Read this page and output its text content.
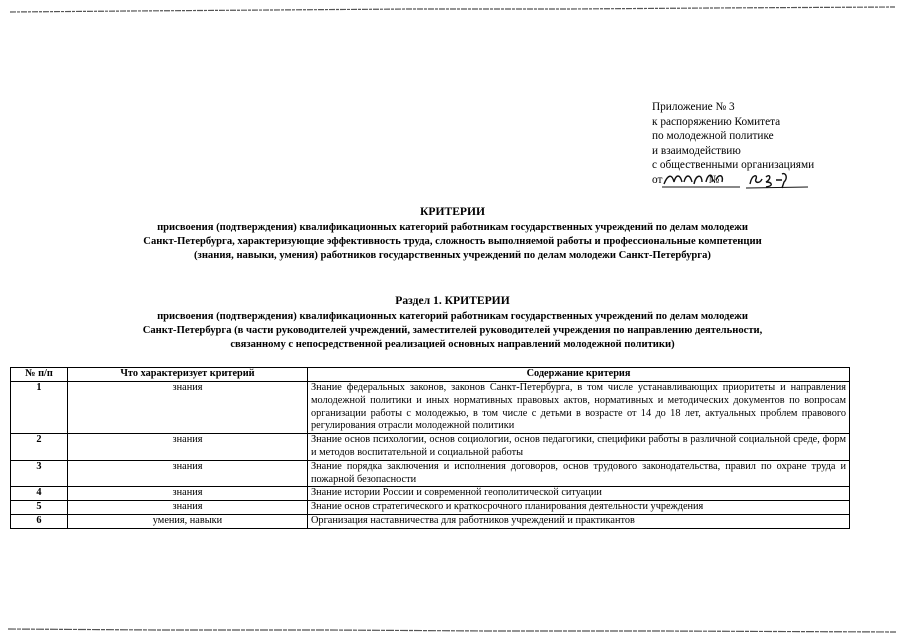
Приложение № 3
к распоряжению Комитета
по молодежной политике
и взаимодействию
с общественными организациями
от	№
КРИТЕРИИ
присвоения (подтверждения) квалификационных категорий работникам государственных учреждений по делам молодежи
Санкт-Петербурга, характеризующие эффективность труда, сложность выполняемой работы и профессиональные компетенции
(знания, навыки, умения) работников государственных учреждений по делам молодежи Санкт-Петербурга)
Раздел 1. КРИТЕРИИ
присвоения (подтверждения) квалификационных категорий работникам государственных учреждений по делам молодежи
Санкт-Петербурга (в части руководителей учреждений, заместителей руководителей учреждения по направлению деятельности,
связанному с непосредственной реализацией основных направлений молодежной политики)
№ п/п	Что характеризует критерий	Содержание критерия
1	знания	Знание федеральных законов, законов Санкт-Петербурга, в том числе устанавливающих приоритеты и направления молодежной политики и иных нормативных правовых актов, нормативных и методических документов по вопросам организации работы с молодежью, в том числе с детьми в возрасте от 14 до 18 лет, актуальных проблем правового регулирования отрасли молодежной политики
2	знания	Знание основ психологии, основ социологии, основ педагогики, специфики работы в различной социальной среде, форм и методов воспитательной и социальной работы
3	знания	Знание порядка заключения и исполнения договоров, основ трудового законодательства, правил по охране труда и пожарной безопасности
4	знания	Знание истории России и современной геополитической ситуации
5	знания	Знание основ стратегического и краткосрочного планирования деятельности учреждения
6	умения, навыки	Организация наставничества для работников учреждений и практикантов
